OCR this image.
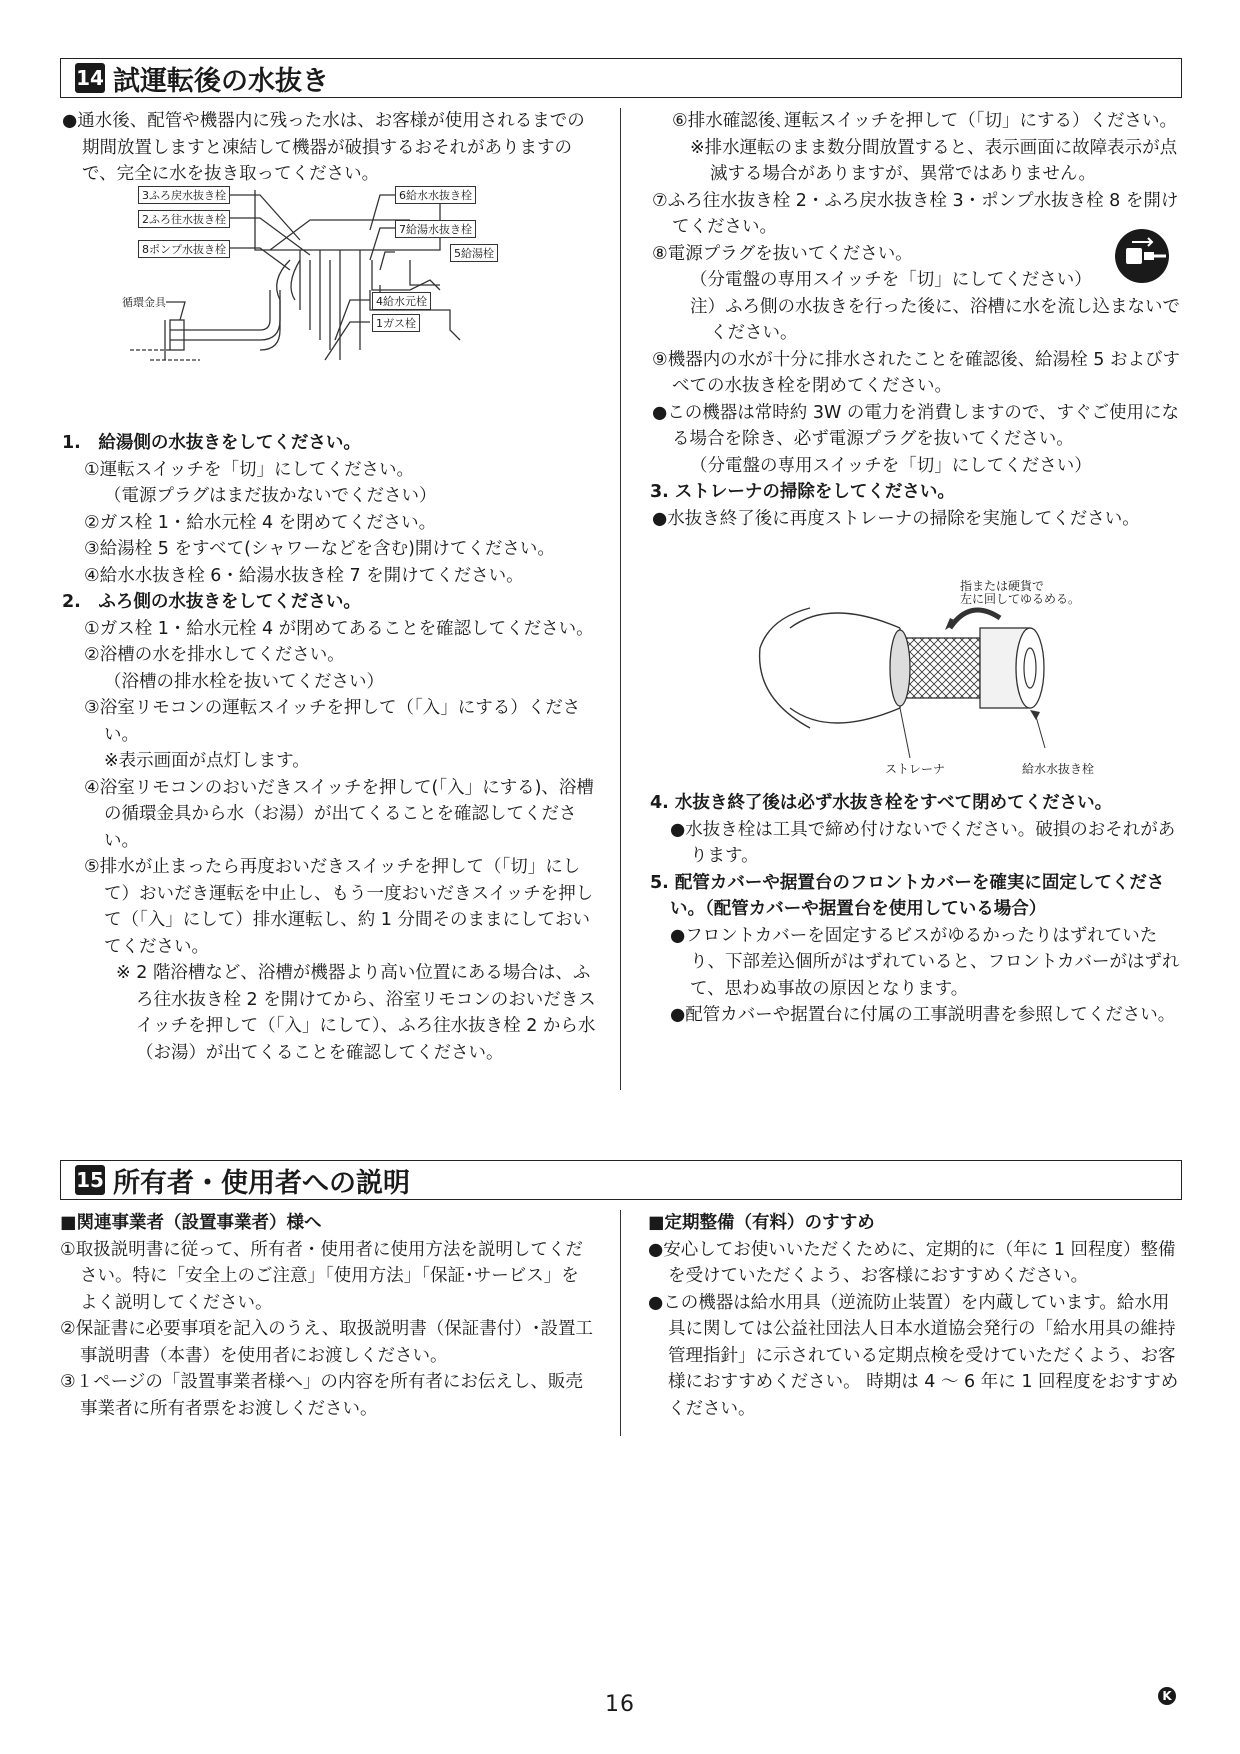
14 試運転後の水抜き

●通水後、配管や機器内に残った水は、お客様が使用されるまでの期間放置しますと凍結して機器が破損するおそれがありますので、完全に水を抜き取ってください。

3ふろ戻水抜き栓
2ふろ往水抜き栓
8ポンプ水抜き栓
循環金具
6給水水抜き栓
7給湯水抜き栓
5給湯栓
4給水元栓
1ガス栓

1.　給湯側の水抜きをしてください。

①運転スイッチを「切」にしてください。

（電源プラグはまだ抜かないでください）

②ガス栓 1・給水元栓 4 を閉めてください。

③給湯栓 5 をすべて(シャワーなどを含む)開けてください。

④給水水抜き栓 6・給湯水抜き栓 7 を開けてください。

2.　ふろ側の水抜きをしてください。

①ガス栓 1・給水元栓 4 が閉めてあることを確認してください。

②浴槽の水を排水してください。

（浴槽の排水栓を抜いてください）

③浴室リモコンの運転スイッチを押して（「入」にする）ください。

※表示画面が点灯します。

④浴室リモコンのおいだきスイッチを押して(「入」にする)、浴槽の循環金具から水（お湯）が出てくることを確認してください。

⑤排水が止まったら再度おいだきスイッチを押して（「切」にして）おいだき運転を中止し、もう一度おいだきスイッチを押して（「入」にして）排水運転し、約 1 分間そのままにしておいてください。

※ 2 階浴槽など、浴槽が機器より高い位置にある場合は、ふろ往水抜き栓 2 を開けてから、浴室リモコンのおいだきスイッチを押して（「入」にして）、ふろ往水抜き栓 2 から水（お湯）が出てくることを確認してください。

⑥排水確認後､運転スイッチを押して（「切」にする）ください。

※排水運転のまま数分間放置すると、表示画面に故障表示が点滅する場合がありますが、異常ではありません。

⑦ふろ往水抜き栓 2・ふろ戻水抜き栓 3・ポンプ水抜き栓 8 を開けてください。

⑧電源プラグを抜いてください。

（分電盤の専用スイッチを「切」にしてください）

注）ふろ側の水抜きを行った後に、浴槽に水を流し込まないでください。

⑨機器内の水が十分に排水されたことを確認後、給湯栓 5 およびすべての水抜き栓を閉めてください。

●この機器は常時約 3W の電力を消費しますので、すぐご使用になる場合を除き、必ず電源プラグを抜いてください。

（分電盤の専用スイッチを「切」にしてください）

3. ストレーナの掃除をしてください。

●水抜き終了後に再度ストレーナの掃除を実施してください。

指または硬貨で
左に回してゆるめる。
ストレーナ	給水水抜き栓

4. 水抜き終了後は必ず水抜き栓をすべて閉めてください。

●水抜き栓は工具で締め付けないでください。破損のおそれがあります。

5. 配管カバーや据置台のフロントカバーを確実に固定してください。（配管カバーや据置台を使用している場合）

●フロントカバーを固定するビスがゆるかったりはずれていたり、下部差込個所がはずれていると、フロントカバーがはずれて、思わぬ事故の原因となります。

●配管カバーや据置台に付属の工事説明書を参照してください。

15 所有者・使用者への説明

■関連事業者（設置事業者）様へ

①取扱説明書に従って、所有者・使用者に使用方法を説明してください。特に「安全上のご注意」「使用方法」「保証･サービス」をよく説明してください。

②保証書に必要事項を記入のうえ、取扱説明書（保証書付）･設置工事説明書（本書）を使用者にお渡しください。

③１ページの「設置事業者様へ」の内容を所有者にお伝えし、販売事業者に所有者票をお渡しください。

■定期整備（有料）のすすめ

●安心してお使いいただくために、定期的に（年に 1 回程度）整備を受けていただくよう、お客様におすすめください。

●この機器は給水用具（逆流防止装置）を内蔵しています。給水用具に関しては公益社団法人日本水道協会発行の「給水用具の維持管理指針」に示されている定期点検を受けていただくよう、お客様におすすめください。 時期は 4 ～ 6 年に 1 回程度をおすすめください。

16	K
